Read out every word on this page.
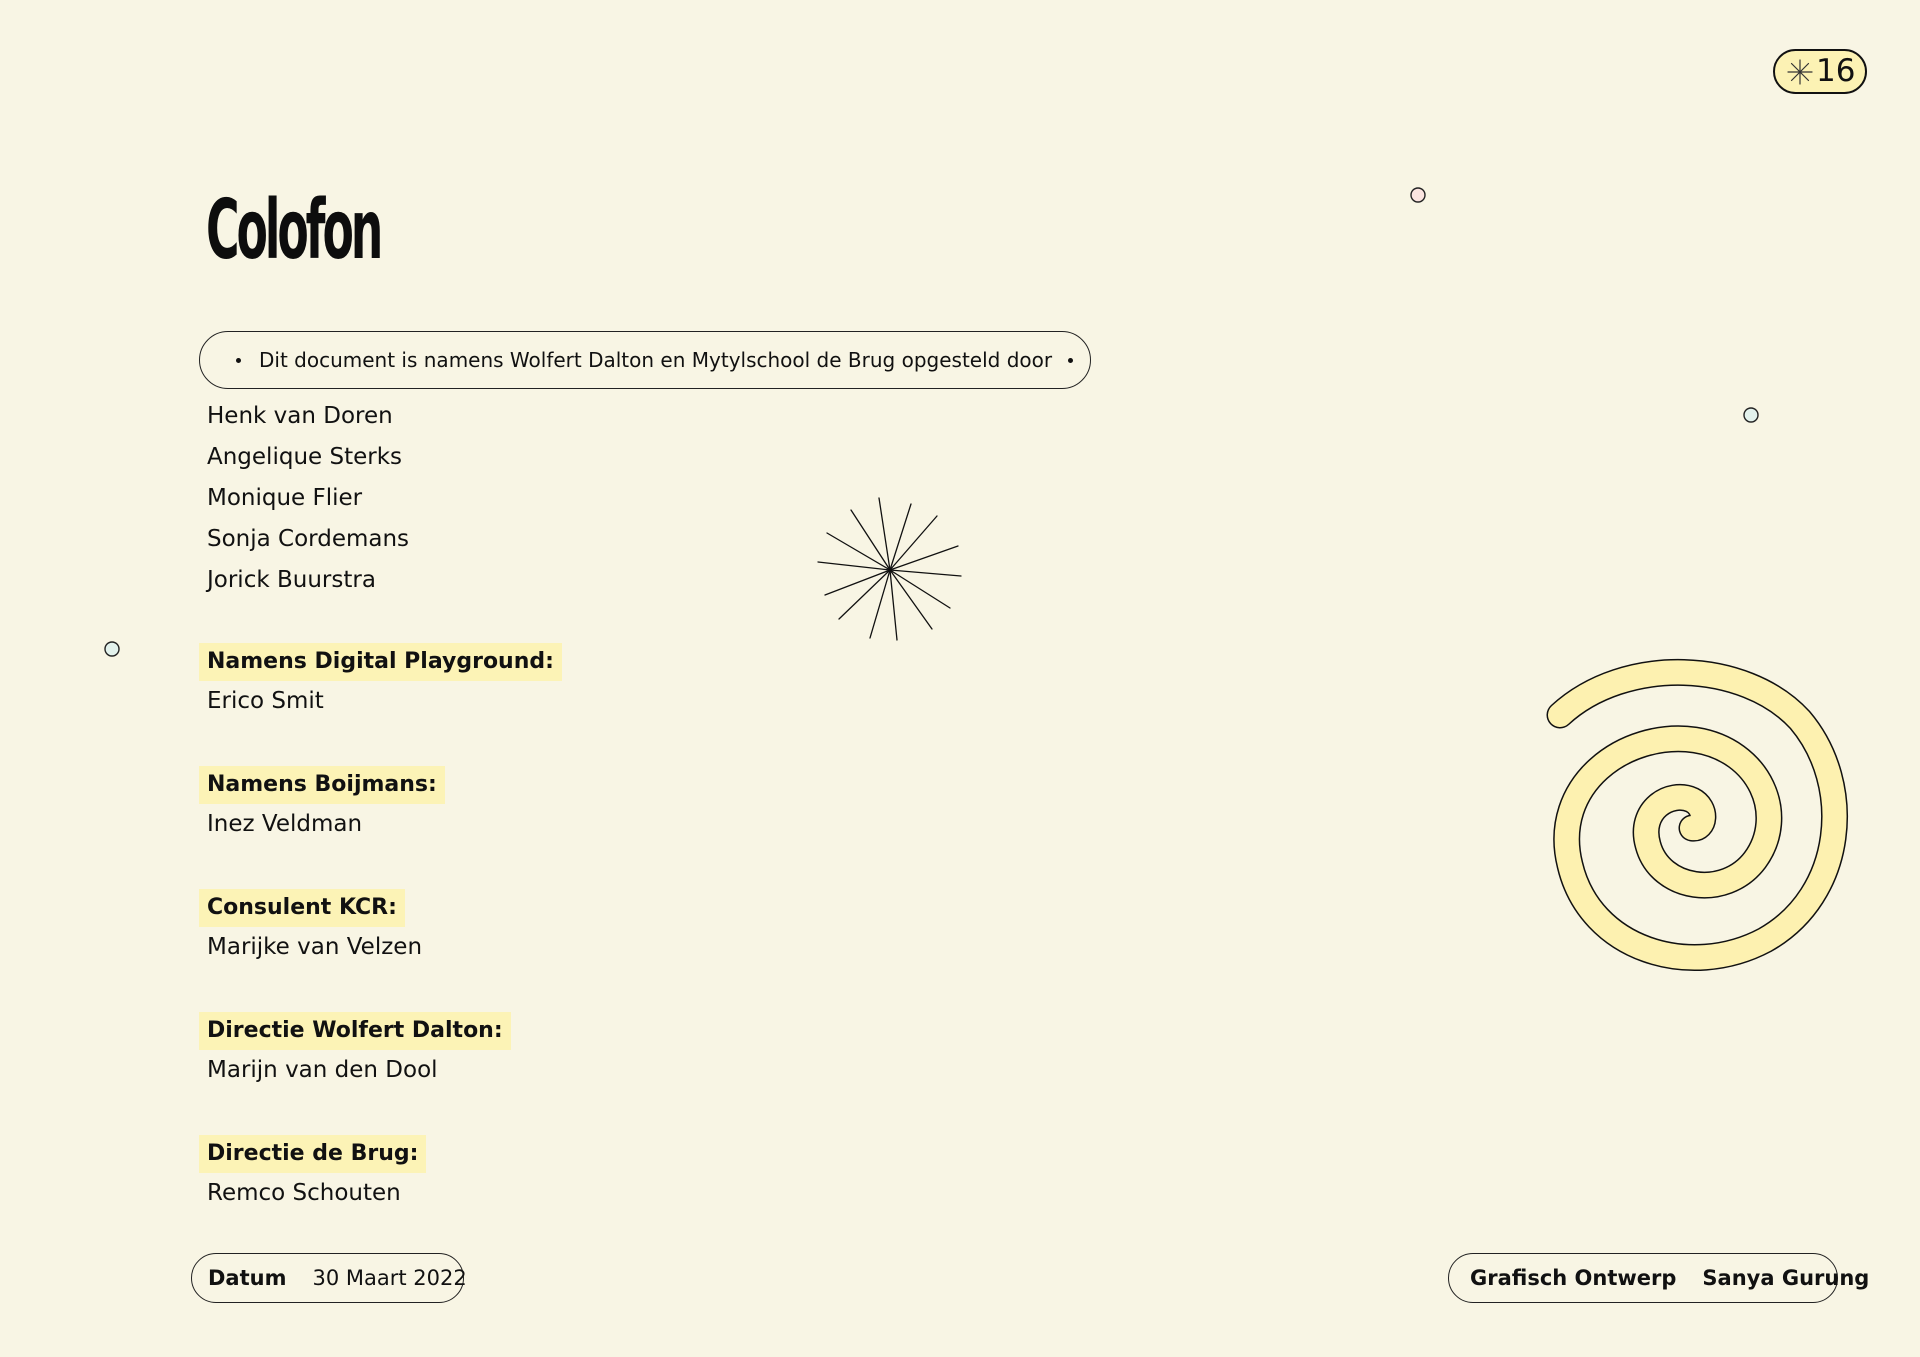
16
Colofon
Dit document is namens Wolfert Dalton en Mytylschool de Brug opgesteld door
Henk van Doren
Angelique Sterks
Monique Flier
Sonja Cordemans
Jorick Buurstra
Namens Digital Playground:
Erico Smit
Namens Boijmans:
Inez Veldman
Consulent KCR:
Marijke van Velzen
Directie Wolfert Dalton:
Marijn van den Dool
Directie de Brug:
Remco Schouten
Datum 30 Maart 2022	Grafisch Ontwerp Sanya Gurung
